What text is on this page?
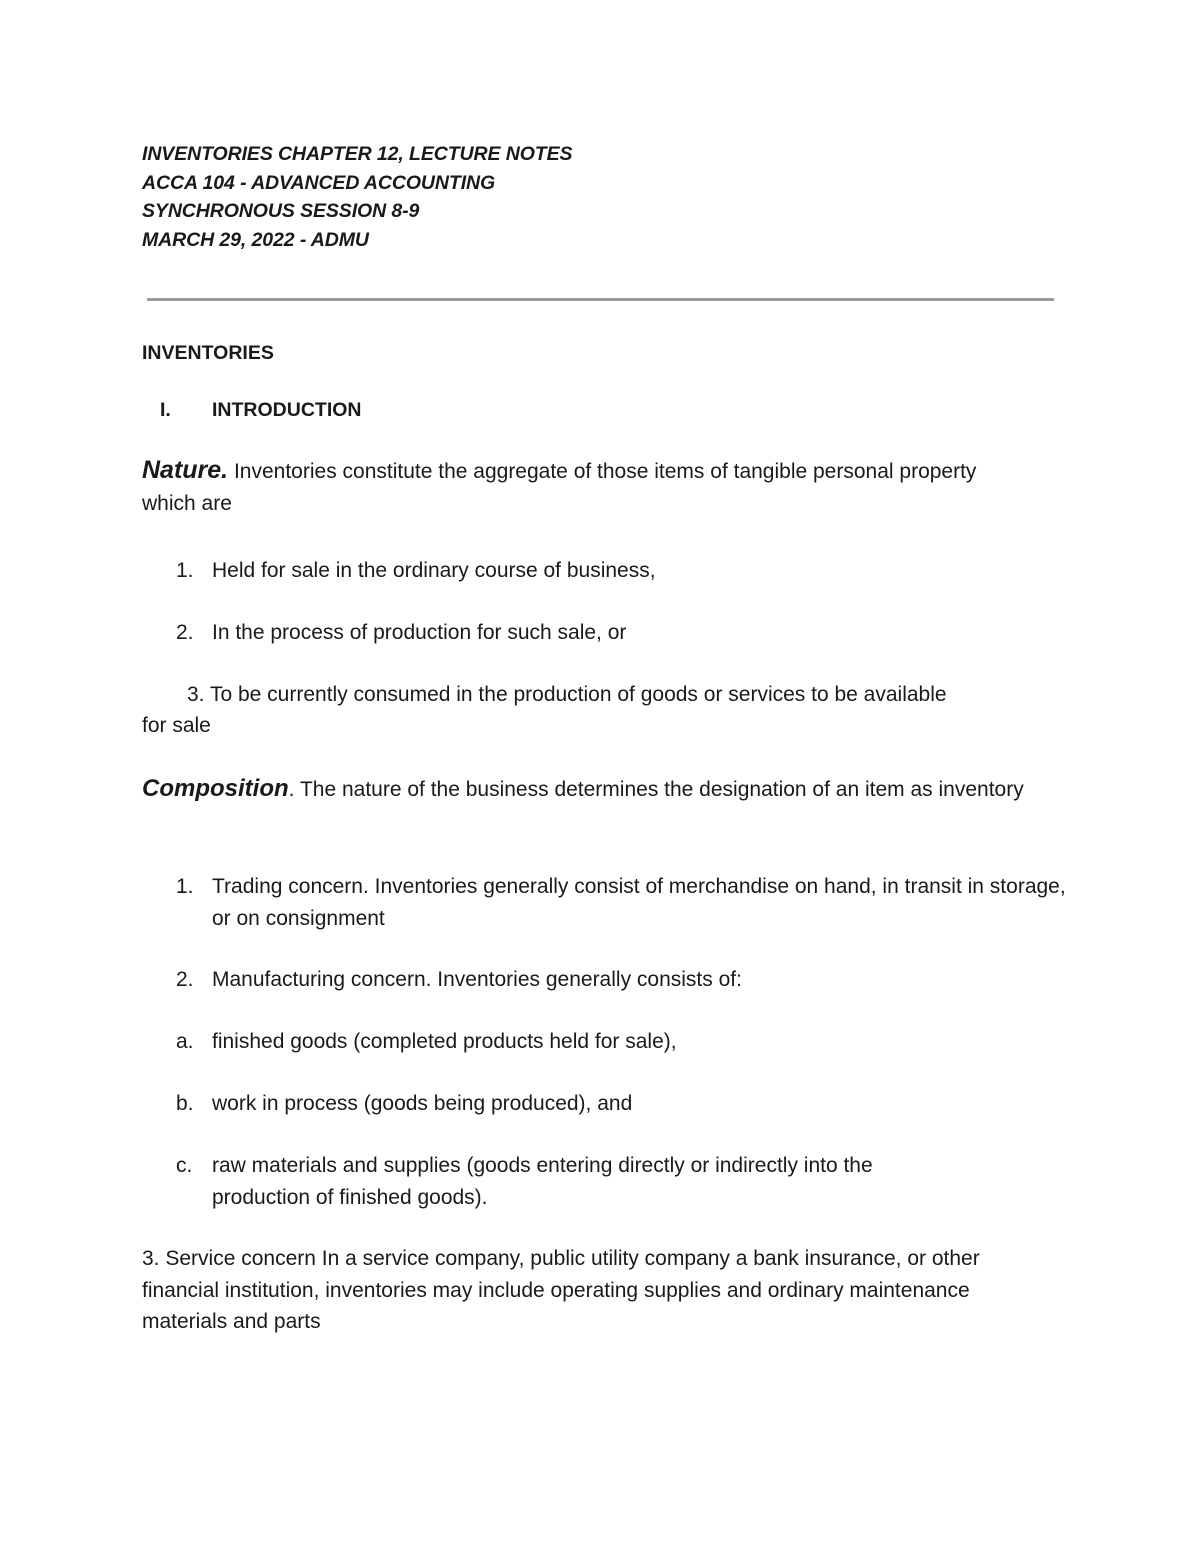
INVENTORIES CHAPTER 12, LECTURE NOTES
ACCA 104 - ADVANCED ACCOUNTING
SYNCHRONOUS SESSION 8-9
MARCH 29, 2022 - ADMU
INVENTORIES
I. INTRODUCTION
Nature. Inventories constitute the aggregate of those items of tangible personal property which are
1. Held for sale in the ordinary course of business,
2. In the process of production for such sale, or
3. To be currently consumed in the production of goods or services to be available
for sale
Composition. The nature of the business determines the designation of an item as inventory
1. Trading concern. Inventories generally consist of merchandise on hand, in transit in storage, or on consignment
2. Manufacturing concern. Inventories generally consists of:
a. finished goods (completed products held for sale),
b. work in process (goods being produced), and
c. raw materials and supplies (goods entering directly or indirectly into the production of finished goods).
3. Service concern In a service company, public utility company a bank insurance, or other financial institution, inventories may include operating supplies and ordinary maintenance materials and parts
